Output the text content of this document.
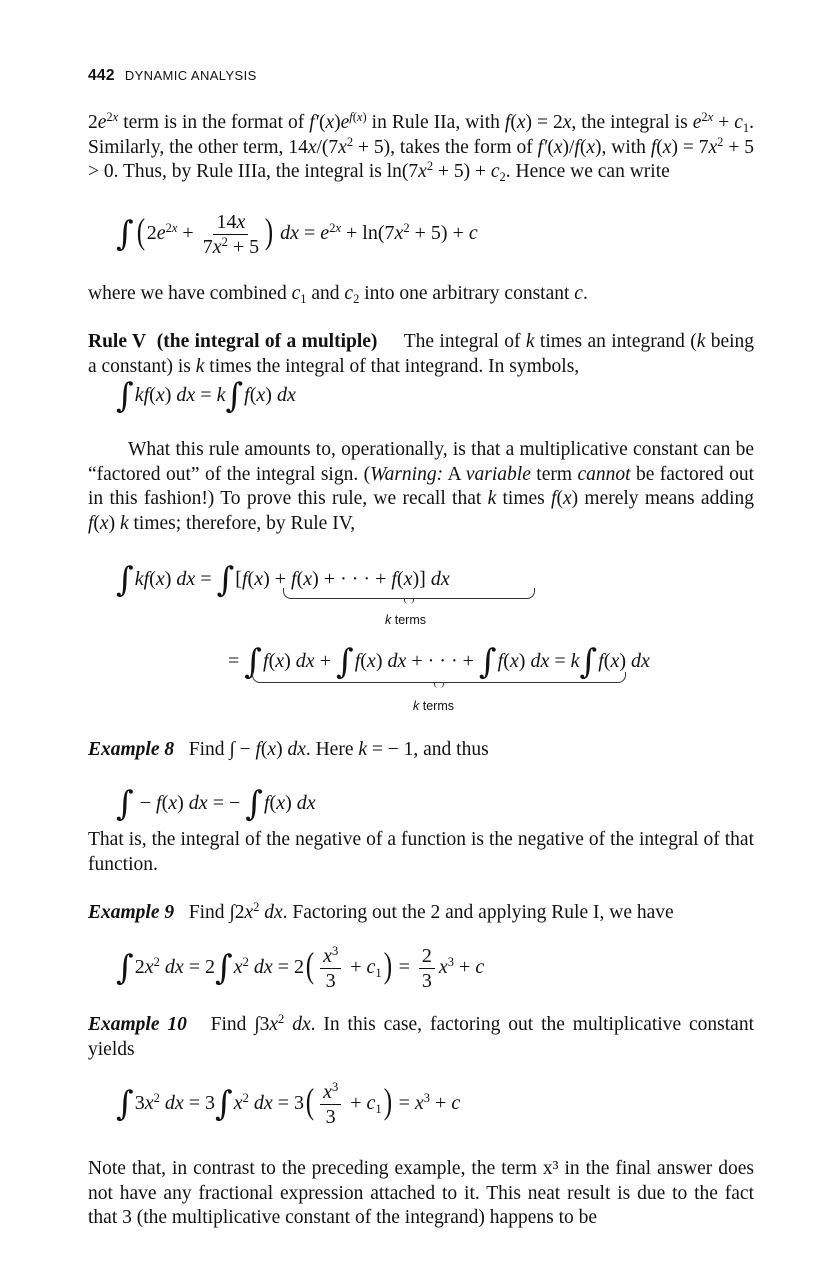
442 DYNAMIC ANALYSIS
$2e^{2x}$ term is in the format of $f'(x)e^{f(x)}$ in Rule IIa, with f(x) = 2x, the integral is $e^{2x} + c_1$. Similarly, the other term, $14x/(7x^2 + 5)$, takes the form of f′(x)/f(x), with $f(x) = 7x^2 + 5 > 0$. Thus, by Rule IIIa, the integral is $\ln(7x^2 + 5) + c_2$. Hence we can write
$\int(2e^{2x} + \frac{14x}{7x^2 + 5}$ ) dx = $e^{2x} + \ln(7x^2 + 5) + c$
where we have combined $c_1$ and $c_2$ into one arbitrary constant c.
Rule V (the integral of a multiple)     The integral of k times an integrand (k being a constant) is k times the integral of that integrand. In symbols,
∫kf(x) dx = k∫f(x) dx
What this rule amounts to, operationally, is that a multiplicative constant can be “factored out” of the integral sign. (Warning: A variable term cannot be factored out in this fashion!) To prove this rule, we recall that k times f(x) merely means adding f(x) k times; therefore, by Rule IV,
∫kf(x) dx = ∫[f(x) + f(x) + · · · + f(x)] dx
k terms
= ∫f(x) dx + ∫f(x) dx + · · · + ∫f(x) dx = k∫f(x) dx
k terms
Example 8   Find ∫ − f(x) dx. Here k = − 1, and thus
∫ − f(x) dx = − ∫f(x) dx
That is, the integral of the negative of a function is the negative of the integral of that function.
Example 9   Find $\int 2x^2$ dx. Factoring out the 2 and applying Rule I, we have
$\int 2x^2$ dx = $2\int x^2$ dx = $2( \frac{x^3}{3} + c_1) = \frac{2}{3} x^3 + c$
Example 10   Find $\int 3x^2$ dx. In this case, factoring out the multiplicative constant yields
$\int 3x^2$ dx = $3\int x^2$ dx = $3( \frac{x^3}{3} + c_1) = x^3 + c$
Note that, in contrast to the preceding example, the term x³ in the final answer does not have any fractional expression attached to it. This neat result is due to the fact that 3 (the multiplicative constant of the integrand) happens to be
